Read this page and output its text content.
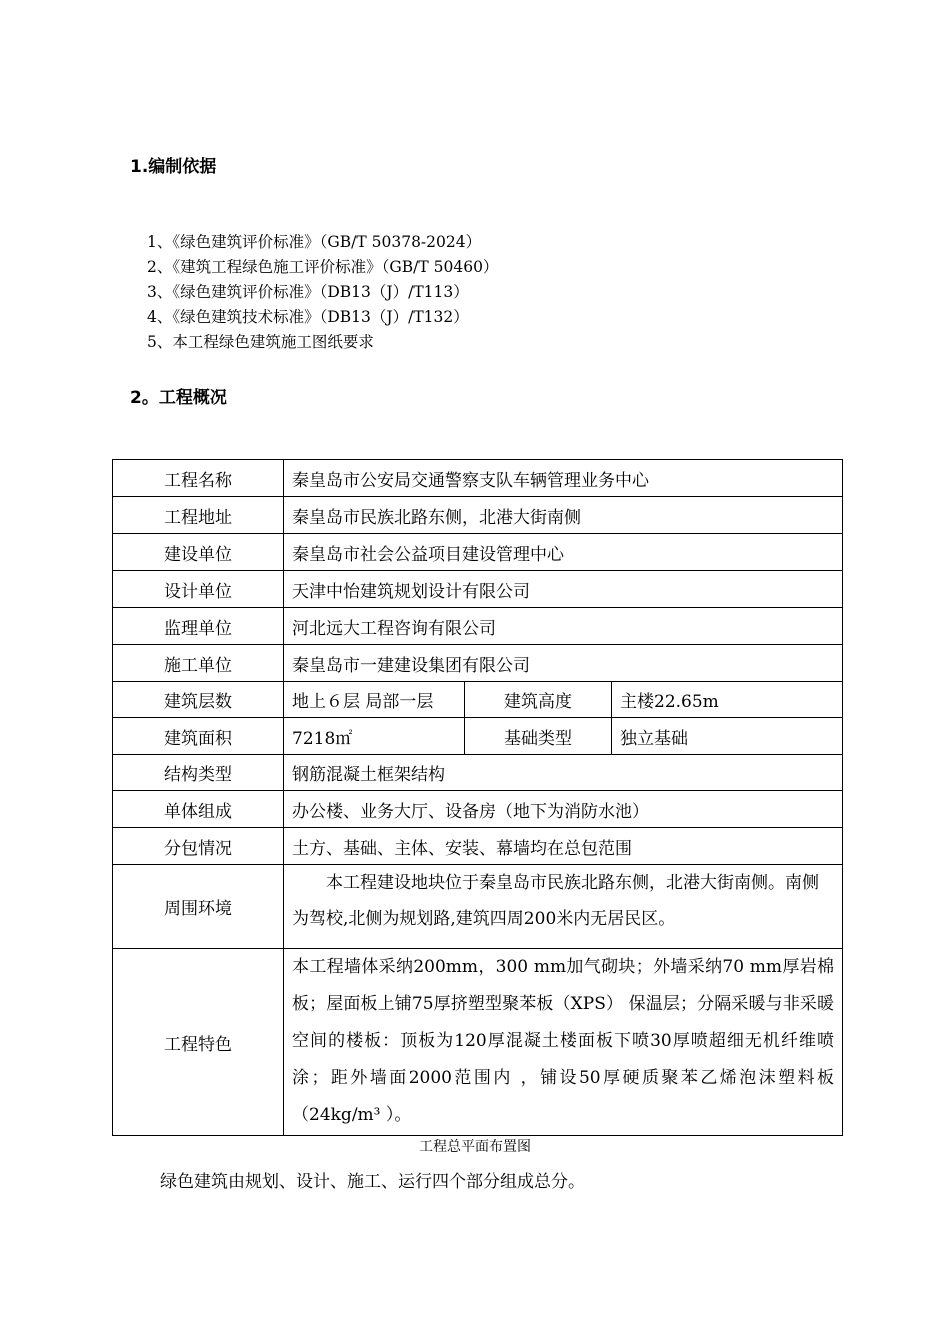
1.编制依据
1、《绿色建筑评价标准》（GB/T 50378-2024）
2、《建筑工程绿色施工评价标准》（GB/T 50460）
3、《绿色建筑评价标准》（DB13（J）/T113）
4、《绿色建筑技术标准》（DB13（J）/T132）
5、本工程绿色建筑施工图纸要求
2。工程概况
工程名称	秦皇岛市公安局交通警察支队车辆管理业务中心		
工程地址	秦皇岛市民族北路东侧，北港大街南侧		
建设单位	秦皇岛市社会公益项目建设管理中心		
设计单位	天津中怡建筑规划设计有限公司		
监理单位	河北远大工程咨询有限公司		
施工单位	秦皇岛市一建建设集团有限公司		
建筑层数	地上６层 局部一层	建筑高度	主楼22.65m
建筑面积	7218㎡	基础类型	独立基础
结构类型	钢筋混凝土框架结构		
单体组成	办公楼、业务大厅、设备房（地下为消防水池）		
分包情况	土方、基础、主体、安装、幕墙均在总包范围		
周围环境	本工程建设地块位于秦皇岛市民族北路东侧，北港大街南侧。南侧为驾校,北侧为规划路,建筑四周200米内无居民区。		
工程特色	本工程墙体采纳200mm，300 mm加气砌块；外墙采纳70 mm厚岩棉板；屋面板上铺75厚挤塑型聚苯板（XPS） 保温层；分隔采暖与非采暖空间的楼板：顶板为120厚混凝土楼面板下喷30厚喷超细无机纤维喷涂；距外墙面2000范围内 ，铺设50厚硬质聚苯乙烯泡沫塑料板（24kg/m³ ）。		
工程总平面布置图
绿色建筑由规划、设计、施工、运行四个部分组成总分。
